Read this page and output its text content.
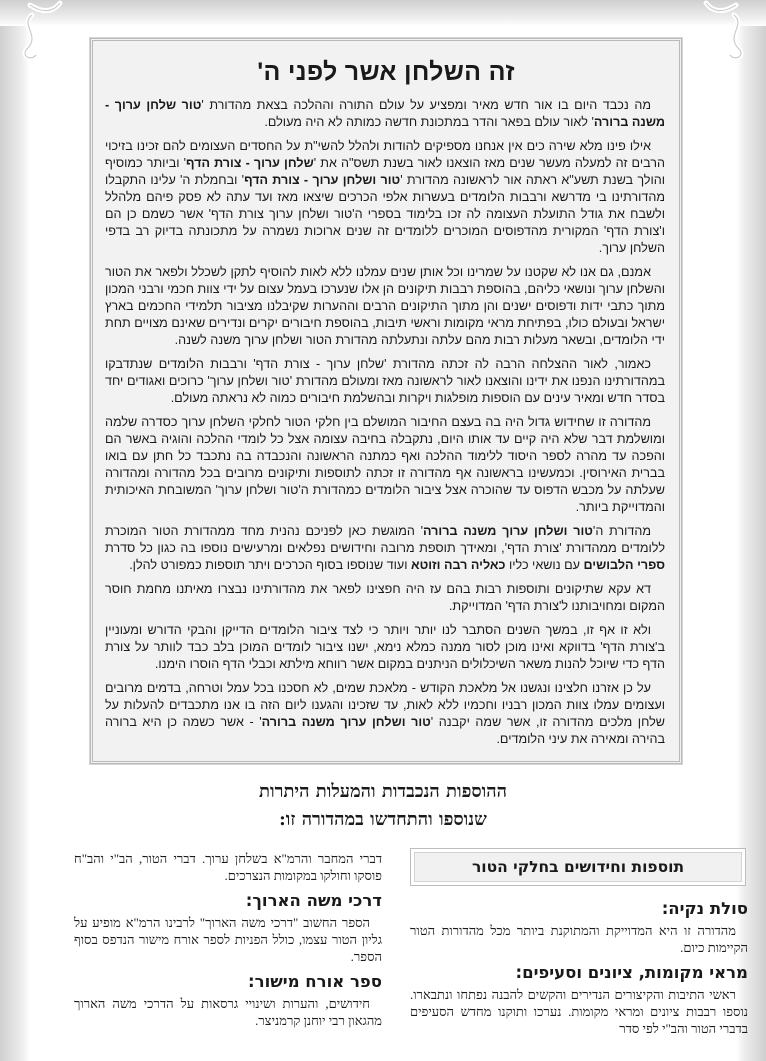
זה השלחן אשר לפני ה'

מה נכבד היום בו אור חדש מאיר ומפציע על עולם התורה וההלכה בצאת מהדורת 'טור שלחן ערוך - משנה ברורה' לאור עולם בפאר והדר במתכונת חדשה כמותה לא היה מעולם.

אילו פינו מלא שירה כים אין אנחנו מספיקים להודות ולהלל להשי"ת על החסדים העצומים להם זכינו בזיכוי הרבים זה למעלה מעשר שנים מאז הוצאנו לאור בשנת תשס"ה את 'שלחן ערוך - צורת הדף' וביותר כמוסיף והולך בשנת תשע"א ראתה אור לראשונה מהדורת 'טור ושלחן ערוך - צורת הדף' ובחמלת ה' עלינו התקבלו מהדורתינו בי מדרשא ורבבות הלומדים בעשרות אלפי הכרכים שיצאו מאז ועד עתה לא פסק פיהם מלהלל ולשבח את גודל התועלת העצומה לה זכו בלימוד בספרי ה'טור ושלחן ערוך צורת הדף' אשר כשמם כן הם ו'צורת הדף' המקורית מהדפוסים המוכרים ללומדים זה שנים ארוכות נשמרה על מתכונתה בדיוק רב בדפי השלחן ערוך.

אמנם, גם אנו לא שקטנו על שמרינו וכל אותן שנים עמלנו ללא לאות להוסיף לתקן לשכלל ולפאר את הטור והשלחן ערוך ונושאי כליהם, בהוספת רבבות תיקונים הן אלו שנערכו בעמל עצום על ידי צוות חכמי ורבני המכון מתוך כתבי ידות ודפוסים ישנים והן מתוך התיקונים הרבים וההערות שקיבלנו מציבור תלמידי החכמים בארץ ישראל ובעולם כולו, בפתיחת מראי מקומות וראשי תיבות, בהוספת חיבורים יקרים ונדירים שאינם מצויים תחת ידי הלומדים, ובשאר מעלות רבות מהם עלתה ונתעלתה מהדורת הטור ושלחן ערוך משנה לשנה.

כאמור, לאור ההצלחה הרבה לה זכתה מהדורת 'שלחן ערוך - צורת הדף' ורבבות הלומדים שנתדבקו במהדורתינו הנפנו את ידינו והוצאנו לאור לראשונה מאז ומעולם מהדורת 'טור ושלחן ערוך' כרוכים ואגודים יחד בסדר חדש ומאיר עינים עם הוספות מופלגות ויקרות ובהשלמת חיבורים כמוה לא נראתה מעולם.

מהדורה זו שחידוש גדול היה בה בעצם החיבור המושלם בין חלקי הטור לחלקי השלחן ערוך כסדרה שלמה ומושלמת דבר שלא היה קיים עד אותו היום, נתקבלה בחיבה עצומה אצל כל לומדי ההלכה והוגיה באשר הם והפכה עד מהרה לספר היסוד ללימוד ההלכה ואף כמתנה הראשונה והנכבדה בה נתכבד כל חתן עם בואו בברית האירוסין. וכמעשינו בראשונה אף מהדורה זו זכתה לתוספות ותיקונים מרובים בכל מהדורה ומהדורה שעלתה על מכבש הדפוס עד שהוכרה אצל ציבור הלומדים כמהדורת ה'טור ושלחן ערוך' המשובחת האיכותית והמדוייקת ביותר.

מהדורת ה'טור ושלחן ערוך משנה ברורה' המוגשת כאן לפניכם נהנית מחד ממהדורת הטור המוכרת ללומדים ממהדורת 'צורת הדף', ומאידך תוספת מרובה וחידושים נפלאים ומרעישים נוספו בה כגון כל סדרת ספרי הלבושים עם נושאי כליו כאליה רבה וזוטא ועוד שנוספו בסוף הכרכים ויתר תוספות כמפורט להלן.

דא עקא שתיקונים ותוספות רבות בהם עז היה חפצינו לפאר את מהדורתינו נבצרו מאיתנו מחמת חוסר המקום ומחויבותנו ל'צורת הדף' המדוייקת.

ולא זו אף זו, במשך השנים הסתבר לנו יותר ויותר כי לצד ציבור הלומדים הדייקן והבקי הדורש ומעוניין ב'צורת הדף' בדווקא ואינו מוכן לסור ממנה כמלא נימא, ישנו ציבור לומדים המוכן בלב כבד לוותר על צורת הדף כדי שיוכל להנות משאר השיכלולים הניתנים במקום אשר רווחא מילתא וכבלי הדף הוסרו הימנו.

על כן אזרנו חלצינו ונגשנו אל מלאכת הקודש - מלאכת שמים, לא חסכנו בכל עמל וטרחה, בדמים מרובים ועצומים עמלו צוות המכון רבניו וחכמיו ללא לאות, עד שזכינו והגענו ליום הזה בו אנו מתכבדים להעלות על שלחן מלכים מהדורה זו, אשר שמה יקבנה 'טור ושלחן ערוך משנה ברורה' - אשר כשמה כן היא ברורה בהירה ומאירה את עיני הלומדים.

ההוספות הנכבדות והמעלות היתרות
שנוספו והתחדשו במהדורה זו:

דברי המחבר והרמ"א בשלחן ערוך. דברי הטור, הב"י והב"ח פוסקו וחולקו במקומות הנצרכים.

דרכי משה הארוך:

הספר החשוב "דרכי משה הארוך" לרבינו הרמ"א מופיע על גליון הטור עצמו, כולל הפניות לספר אורח מישור הנדפס בסוף הספר.

ספר אורח מישור:

חידושים, והערות ושינויי גרסאות על הדרכי משה הארוך מהגאון רבי יוחנן קרמניצר.

תוספות וחידושים בחלקי הטור
סולת נקיה:

מהדורה זו היא המדוייקת והמתוקנת ביותר מכל מהדורות הטור הקיימות כיום.

מראי מקומות, ציונים וסעיפים:

ראשי התיבות והקיצורים הנדירים והקשים להבנה נפתחו ונתבארו. נוספו רבבות ציונים ומראי מקומות. נערכו ותוקנו מחדש הסעיפים בדברי הטור והב"י לפי סדר
